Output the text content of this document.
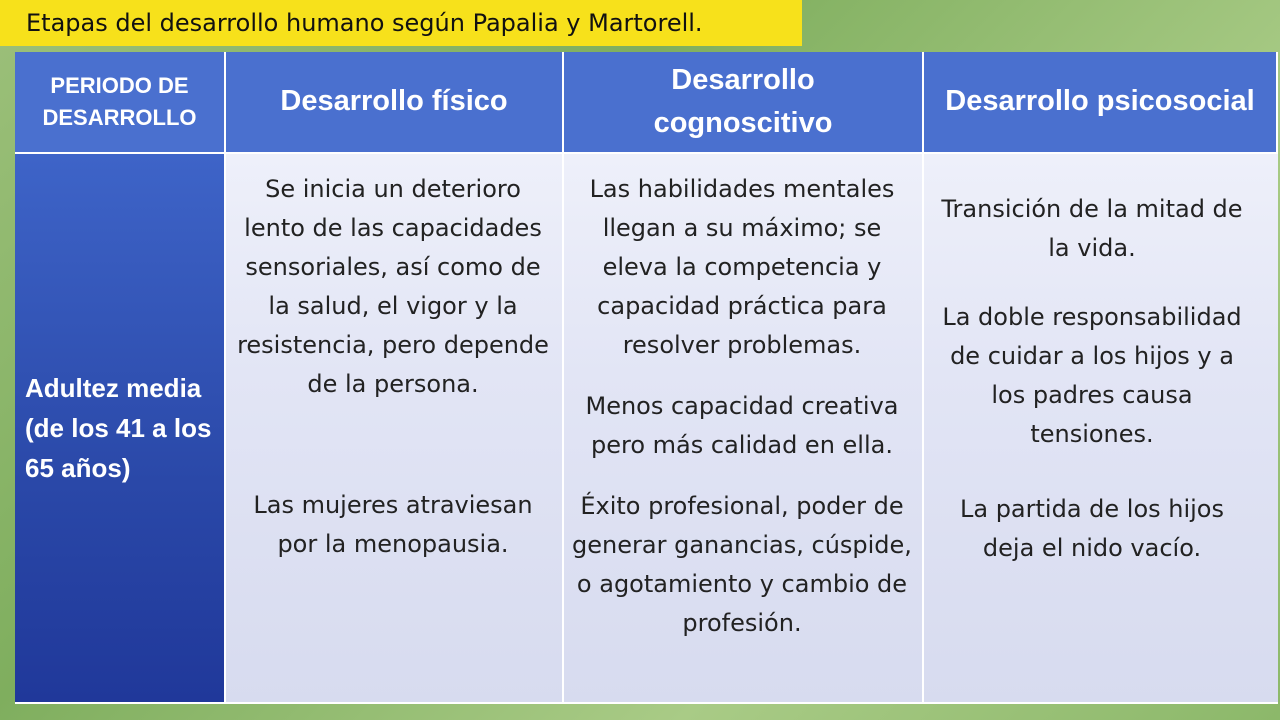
Etapas del desarrollo humano según Papalia y Martorell.
PERIODO DE DESARROLLO
Desarrollo físico
Desarrollo cognoscitivo
Desarrollo psicosocial
Adultez media (de los 41 a los 65 años)

Se inicia un deterioro lento de las capacidades sensoriales, así como de la salud, el vigor y la resistencia, pero depende de la persona.

Las mujeres atraviesan por la menopausia.

Las habilidades mentales llegan a su máximo; se eleva la competencia y capacidad práctica para resolver problemas.

Menos capacidad creativa pero más calidad en ella.

Éxito profesional, poder de generar ganancias, cúspide, o agotamiento y cambio de profesión.

Transición de la mitad de la vida.

La doble responsabilidad de cuidar a los hijos y a los padres causa tensiones.

La partida de los hijos deja el nido vacío.
